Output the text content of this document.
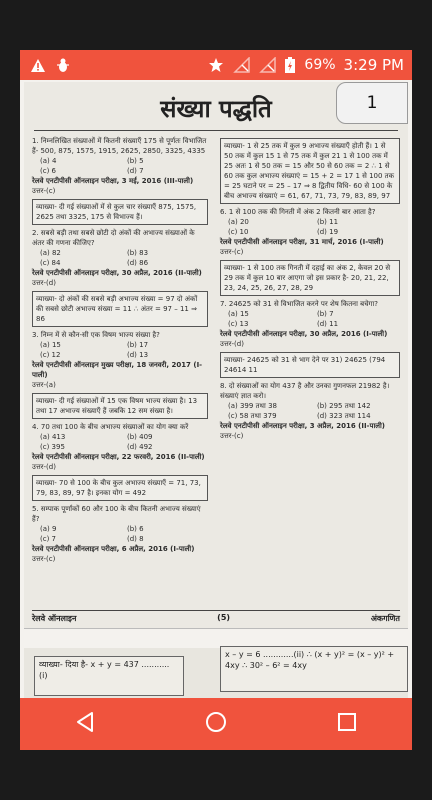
69% 3:29 PM
संख्या पद्धति
1. निम्नलिखित संख्याओं में कितनी संख्याएँ 175 से पूर्णतः विभाजित हैं- 500, 875, 1575, 1915, 2625, 2850, 3325, 4335
(a) 4	(b) 5
(c) 6	(d) 7
रेलवे एनटीपीसी ऑनलाइन परीक्षा, 3 मई, 2016 (III-पाली)
उत्तर-(c)
व्याख्या- दी गई संख्याओं में से कुल चार संख्याएँ 875, 1575, 2625 तथा 3325, 175 से विभाज्य हैं।
2. सबसे बड़ी तथा सबसे छोटी दो अंकों की अभाज्य संख्याओं के अंतर की गणना कीजिए?
(a) 82	(b) 83
(c) 84	(d) 86
रेलवे एनटीपीसी ऑनलाइन परीक्षा, 30 अप्रैल, 2016 (II-पाली)
उत्तर-(d)
व्याख्या- दो अंकों की सबसे बड़ी अभाज्य संख्या = 97 दो अंकों की सबसे छोटी अभाज्य संख्या = 11 ∴ अंतर = 97 – 11 ⇒ 86
3. निम्न में से कौन-सी एक विषम भाज्य संख्या है?
(a) 15	(b) 17
(c) 12	(d) 13
रेलवे एनटीपीसी ऑनलाइन मुख्य परीक्षा, 18 जनवरी, 2017 (I-पाली)
उत्तर-(a)
व्याख्या- दी गई संख्याओं में 15 एक विषम भाज्य संख्या है। 13 तथा 17 अभाज्य संख्याएँ हैं जबकि 12 सम संख्या है।
4. 70 तथा 100 के बीच अभाज्य संख्याओं का योग क्या करें
(a) 413	(b) 409
(c) 395	(d) 492
रेलवे एनटीपीसी ऑनलाइन परीक्षा, 22 फरवरी, 2016 (II-पाली)
उत्तर-(d)
व्याख्या- 70 से 100 के बीच कुल अभाज्य संख्याएँ = 71, 73, 79, 83, 89, 97 है। इनका योग = 492
5. सम्पाक पूर्णांकों 60 और 100 के बीच कितनी अभाज्य संख्याएं हैं?
(a) 9	(b) 6
(c) 7	(d) 8
रेलवे एनटीपीसी ऑनलाइन परीक्षा, 6 अप्रैल, 2016 (I-पाली)
उत्तर-(c)
व्याख्या- 1 से 25 तक में कुल 9 अभाज्य संख्याएँ होती हैं। 1 से 50 तक में कुल 15 1 से 75 तक में कुल 21 1 से 100 तक में 25 अतः 1 से 50 तक = 15 और 50 से 60 तक = 2 ∴ 1 से 60 तक कुल अभाज्य संख्याएं = 15 + 2 = 17 1 से 100 तक = 25 घटाने पर = 25 – 17 ⇒ 8 द्वितीय विधि- 60 से 100 के बीच अभाज्य संख्याएं = 61, 67, 71, 73, 79, 83, 89, 97
6. 1 से 100 तक की गिनती में अंक 2 कितनी बार आता है?
(a) 20	(b) 11
(c) 10	(d) 19
रेलवे एनटीपीसी ऑनलाइन परीक्षा, 31 मार्च, 2016 (I-पाली)
उत्तर-(c)
व्याख्या- 1 से 100 तक गिनती में दहाई का अंक 2, केवल 20 से 29 तक में कुल 10 बार आएगा जो इस प्रकार है- 20, 21, 22, 23, 24, 25, 26, 27, 28, 29
7. 24625 को 31 से विभाजित करने पर शेष कितना बचेगा?
(a) 15	(b) 7
(c) 13	(d) 11
रेलवे एनटीपीसी ऑनलाइन परीक्षा, 30 अप्रैल, 2016 (I-पाली)
उत्तर-(d)
व्याख्या- 24625 को 31 से भाग देने पर 31) 24625 (794 24614 11
8. दो संख्याओं का योग 437 है और उनका गुणनफल 21982 है। संख्याएं ज्ञात करो।
(a) 399 तथा 38	(b) 295 तथा 142
(c) 58 तथा 379	(d) 323 तथा 114
रेलवे एनटीपीसी ऑनलाइन परीक्षा, 3 अप्रैल, 2016 (II-पाली)
उत्तर-(c)
रेलवे ऑनलाइन	(5)	अंकगणित
1
व्याख्या- दिया है- x + y = 437 ........... (i)
x – y = 6 ............(ii) ∴ (x + y)² = (x – y)² + 4xy ∴ 30² – 6² = 4xy
